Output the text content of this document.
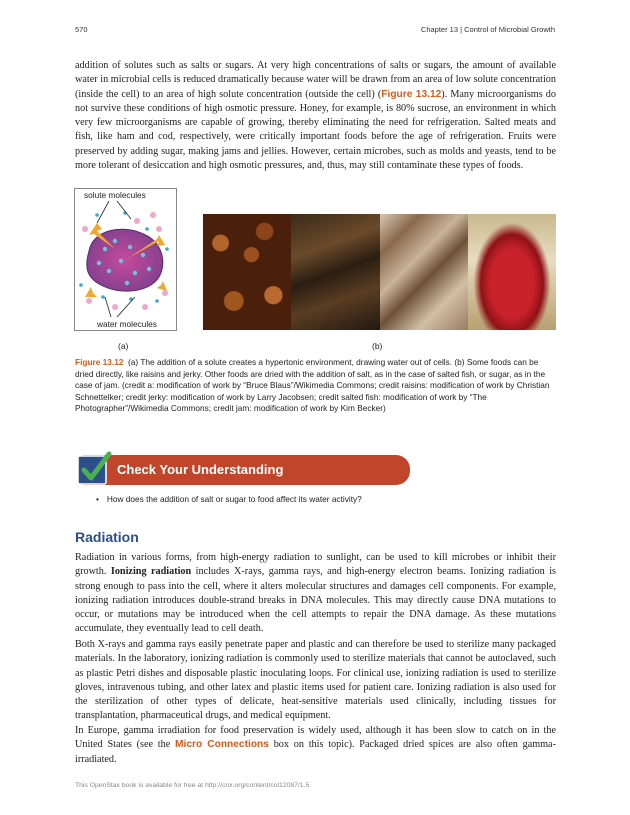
570	Chapter 13 | Control of Microbial Growth

addition of solutes such as salts or sugars. At very high concentrations of salts or sugars, the amount of available water in microbial cells is reduced dramatically because water will be drawn from an area of low solute concentration (inside the cell) to an area of high solute concentration (outside the cell) (Figure 13.12). Many microorganisms do not survive these conditions of high osmotic pressure. Honey, for example, is 80% sucrose, an environment in which very few microorganisms are capable of growing, thereby eliminating the need for refrigeration. Salted meats and fish, like ham and cod, respectively, were critically important foods before the age of refrigeration. Fruits were preserved by adding sugar, making jams and jellies. However, certain microbes, such as molds and yeasts, tend to be more tolerant of desiccation and high osmotic pressures, and, thus, may still contaminate these types of foods.

solute molecules
water molecules
(a)	(b)

Figure 13.12 (a) The addition of a solute creates a hypertonic environment, drawing water out of cells. (b) Some foods can be dried directly, like raisins and jerky. Other foods are dried with the addition of salt, as in the case of salted fish, or sugar, as in the case of jam. (credit a: modification of work by “Bruce Blaus”/Wikimedia Commons; credit raisins: modification of work by Christian Schnettelker; credit jerky: modification of work by Larry Jacobsen; credit salted fish: modification of work by “The Photographer”/Wikimedia Commons; credit jam: modification of work by Kim Becker)

Check Your Understanding
• How does the addition of salt or sugar to food affect its water activity?
Radiation

Radiation in various forms, from high-energy radiation to sunlight, can be used to kill microbes or inhibit their growth. Ionizing radiation includes X-rays, gamma rays, and high-energy electron beams. Ionizing radiation is strong enough to pass into the cell, where it alters molecular structures and damages cell components. For example, ionizing radiation introduces double-strand breaks in DNA molecules. This may directly cause DNA mutations to occur, or mutations may be introduced when the cell attempts to repair the DNA damage. As these mutations accumulate, they eventually lead to cell death.

Both X-rays and gamma rays easily penetrate paper and plastic and can therefore be used to sterilize many packaged materials. In the laboratory, ionizing radiation is commonly used to sterilize materials that cannot be autoclaved, such as plastic Petri dishes and disposable plastic inoculating loops. For clinical use, ionizing radiation is used to sterilize gloves, intravenous tubing, and other latex and plastic items used for patient care. Ionizing radiation is also used for the sterilization of other types of delicate, heat-sensitive materials used clinically, including tissues for transplantation, pharmaceutical drugs, and medical equipment.

In Europe, gamma irradiation for food preservation is widely used, although it has been slow to catch on in the United States (see the Micro Connections box on this topic). Packaged dried spices are also often gamma-irradiated.

This OpenStax book is available for free at http://cnx.org/content/col12087/1.5
